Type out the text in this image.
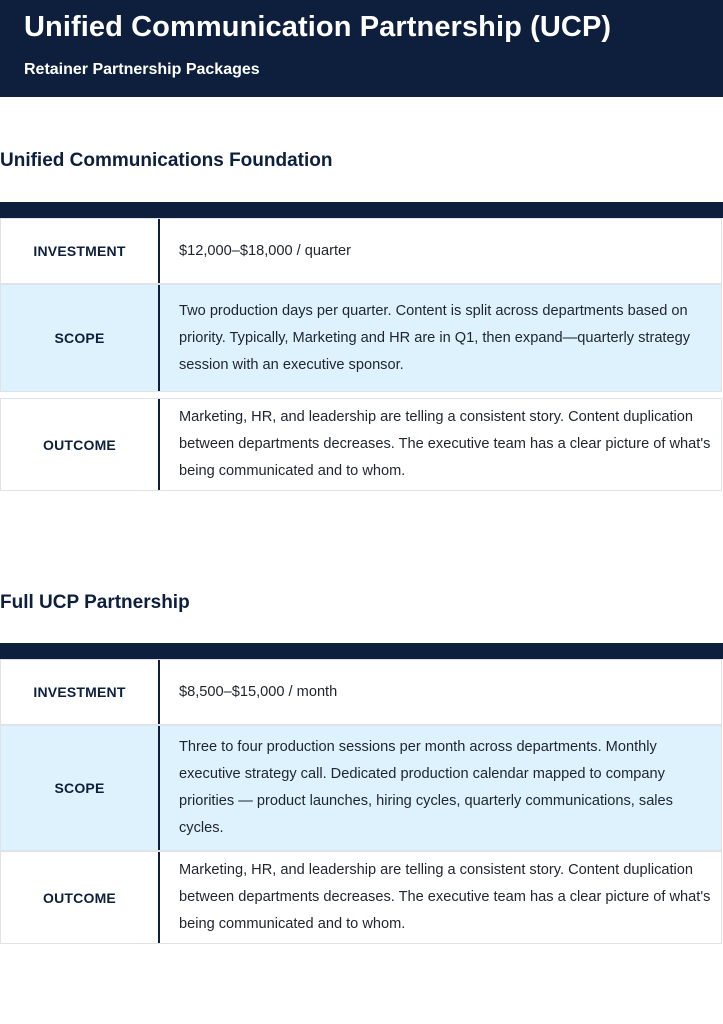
Unified Communication Partnership (UCP)
Retainer Partnership Packages
Unified Communications Foundation
INVESTMENT	$12,000–$18,000 / quarter
SCOPE
Two production days per quarter. Content is split across departments based on priority. Typically, Marketing and HR are in Q1, then expand—quarterly strategy session with an executive sponsor.
OUTCOME
Marketing, HR, and leadership are telling a consistent story. Content duplication between departments decreases. The executive team has a clear picture of what's being communicated and to whom.
Full UCP Partnership
INVESTMENT	$8,500–$15,000 / month
SCOPE
Three to four production sessions per month across departments. Monthly executive strategy call. Dedicated production calendar mapped to company priorities — product launches, hiring cycles, quarterly communications, sales cycles.
OUTCOME
Marketing, HR, and leadership are telling a consistent story. Content duplication between departments decreases. The executive team has a clear picture of what's being communicated and to whom.
